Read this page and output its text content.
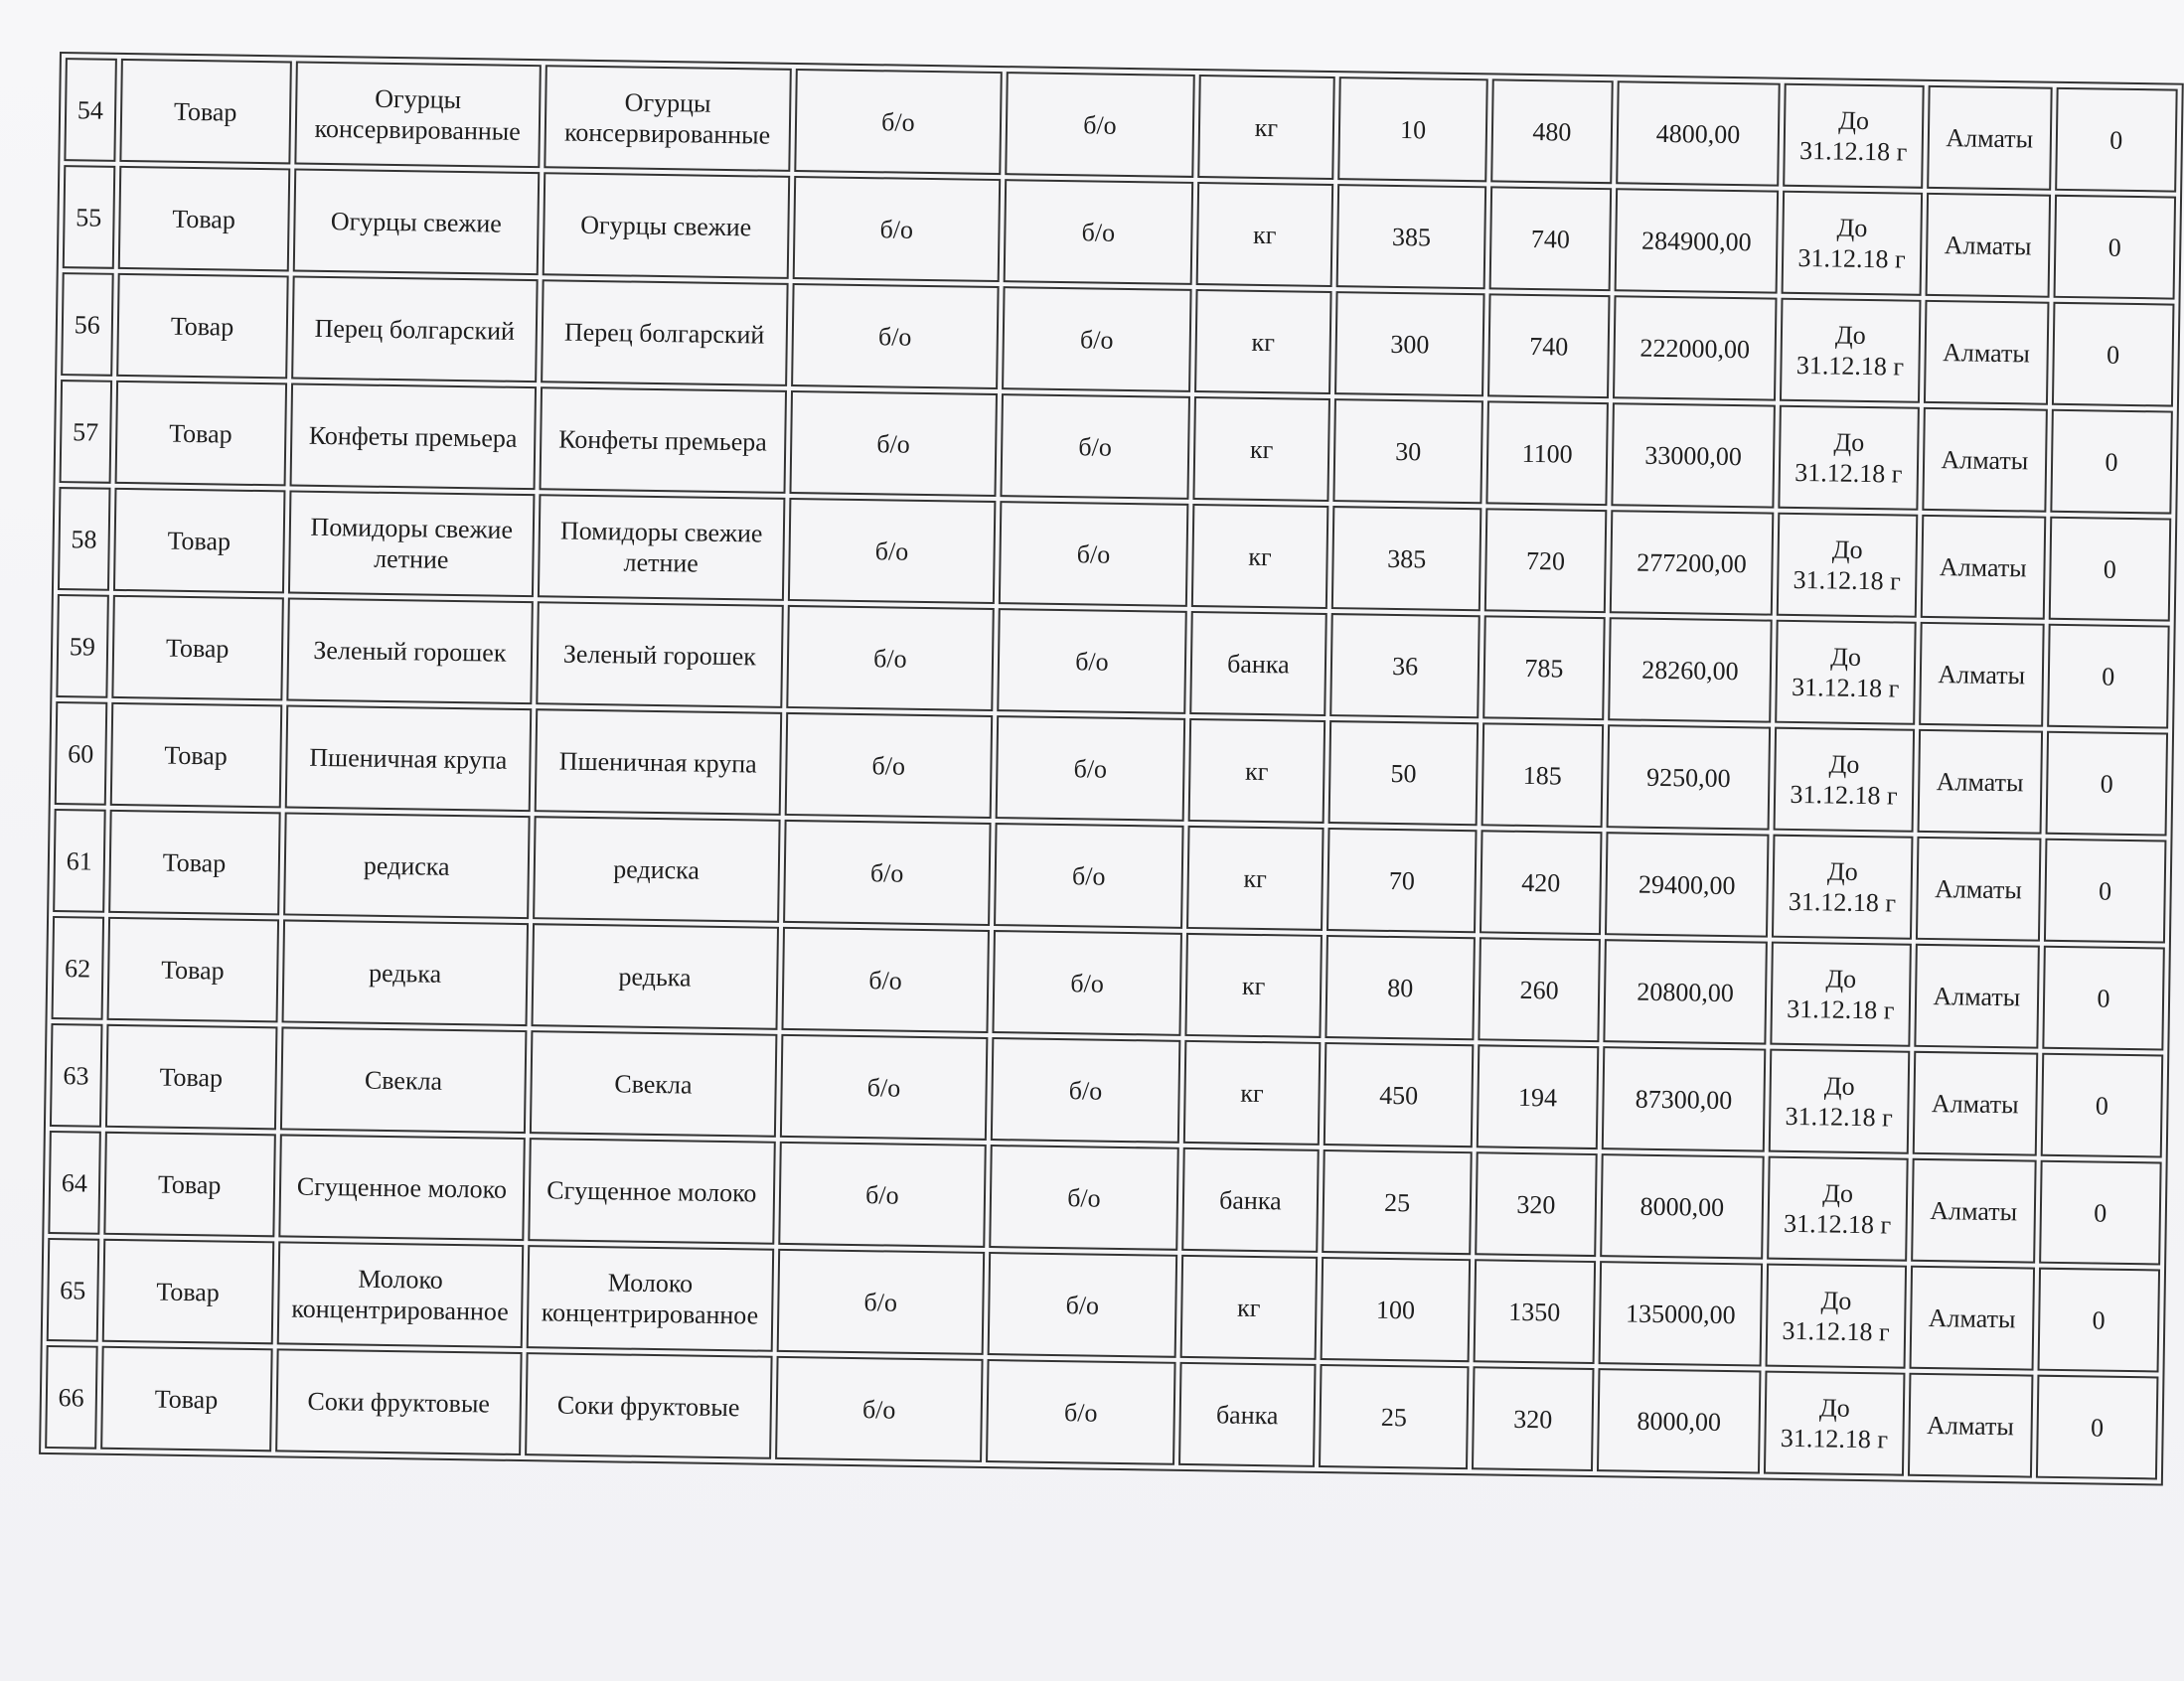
54	Товар	Огурцы консервированные	Огурцы консервированные	б/о	б/о	кг	10	480	4800,00	До 31.12.18 г	Алматы	0
55	Товар	Огурцы свежие	Огурцы свежие	б/о	б/о	кг	385	740	284900,00	До 31.12.18 г	Алматы	0
56	Товар	Перец болгарский	Перец болгарский	б/о	б/о	кг	300	740	222000,00	До 31.12.18 г	Алматы	0
57	Товар	Конфеты премьера	Конфеты премьера	б/о	б/о	кг	30	1100	33000,00	До 31.12.18 г	Алматы	0
58	Товар	Помидоры свежие летние	Помидоры свежие летние	б/о	б/о	кг	385	720	277200,00	До 31.12.18 г	Алматы	0
59	Товар	Зеленый горошек	Зеленый горошек	б/о	б/о	банка	36	785	28260,00	До 31.12.18 г	Алматы	0
60	Товар	Пшеничная крупа	Пшеничная крупа	б/о	б/о	кг	50	185	9250,00	До 31.12.18 г	Алматы	0
61	Товар	редиска	редиска	б/о	б/о	кг	70	420	29400,00	До 31.12.18 г	Алматы	0
62	Товар	редька	редька	б/о	б/о	кг	80	260	20800,00	До 31.12.18 г	Алматы	0
63	Товар	Свекла	Свекла	б/о	б/о	кг	450	194	87300,00	До 31.12.18 г	Алматы	0
64	Товар	Сгущенное молоко	Сгущенное молоко	б/о	б/о	банка	25	320	8000,00	До 31.12.18 г	Алматы	0
65	Товар	Молоко концентрированное	Молоко концентрированное	б/о	б/о	кг	100	1350	135000,00	До 31.12.18 г	Алматы	0
66	Товар	Соки фруктовые	Соки фруктовые	б/о	б/о	банка	25	320	8000,00	До 31.12.18 г	Алматы	0
